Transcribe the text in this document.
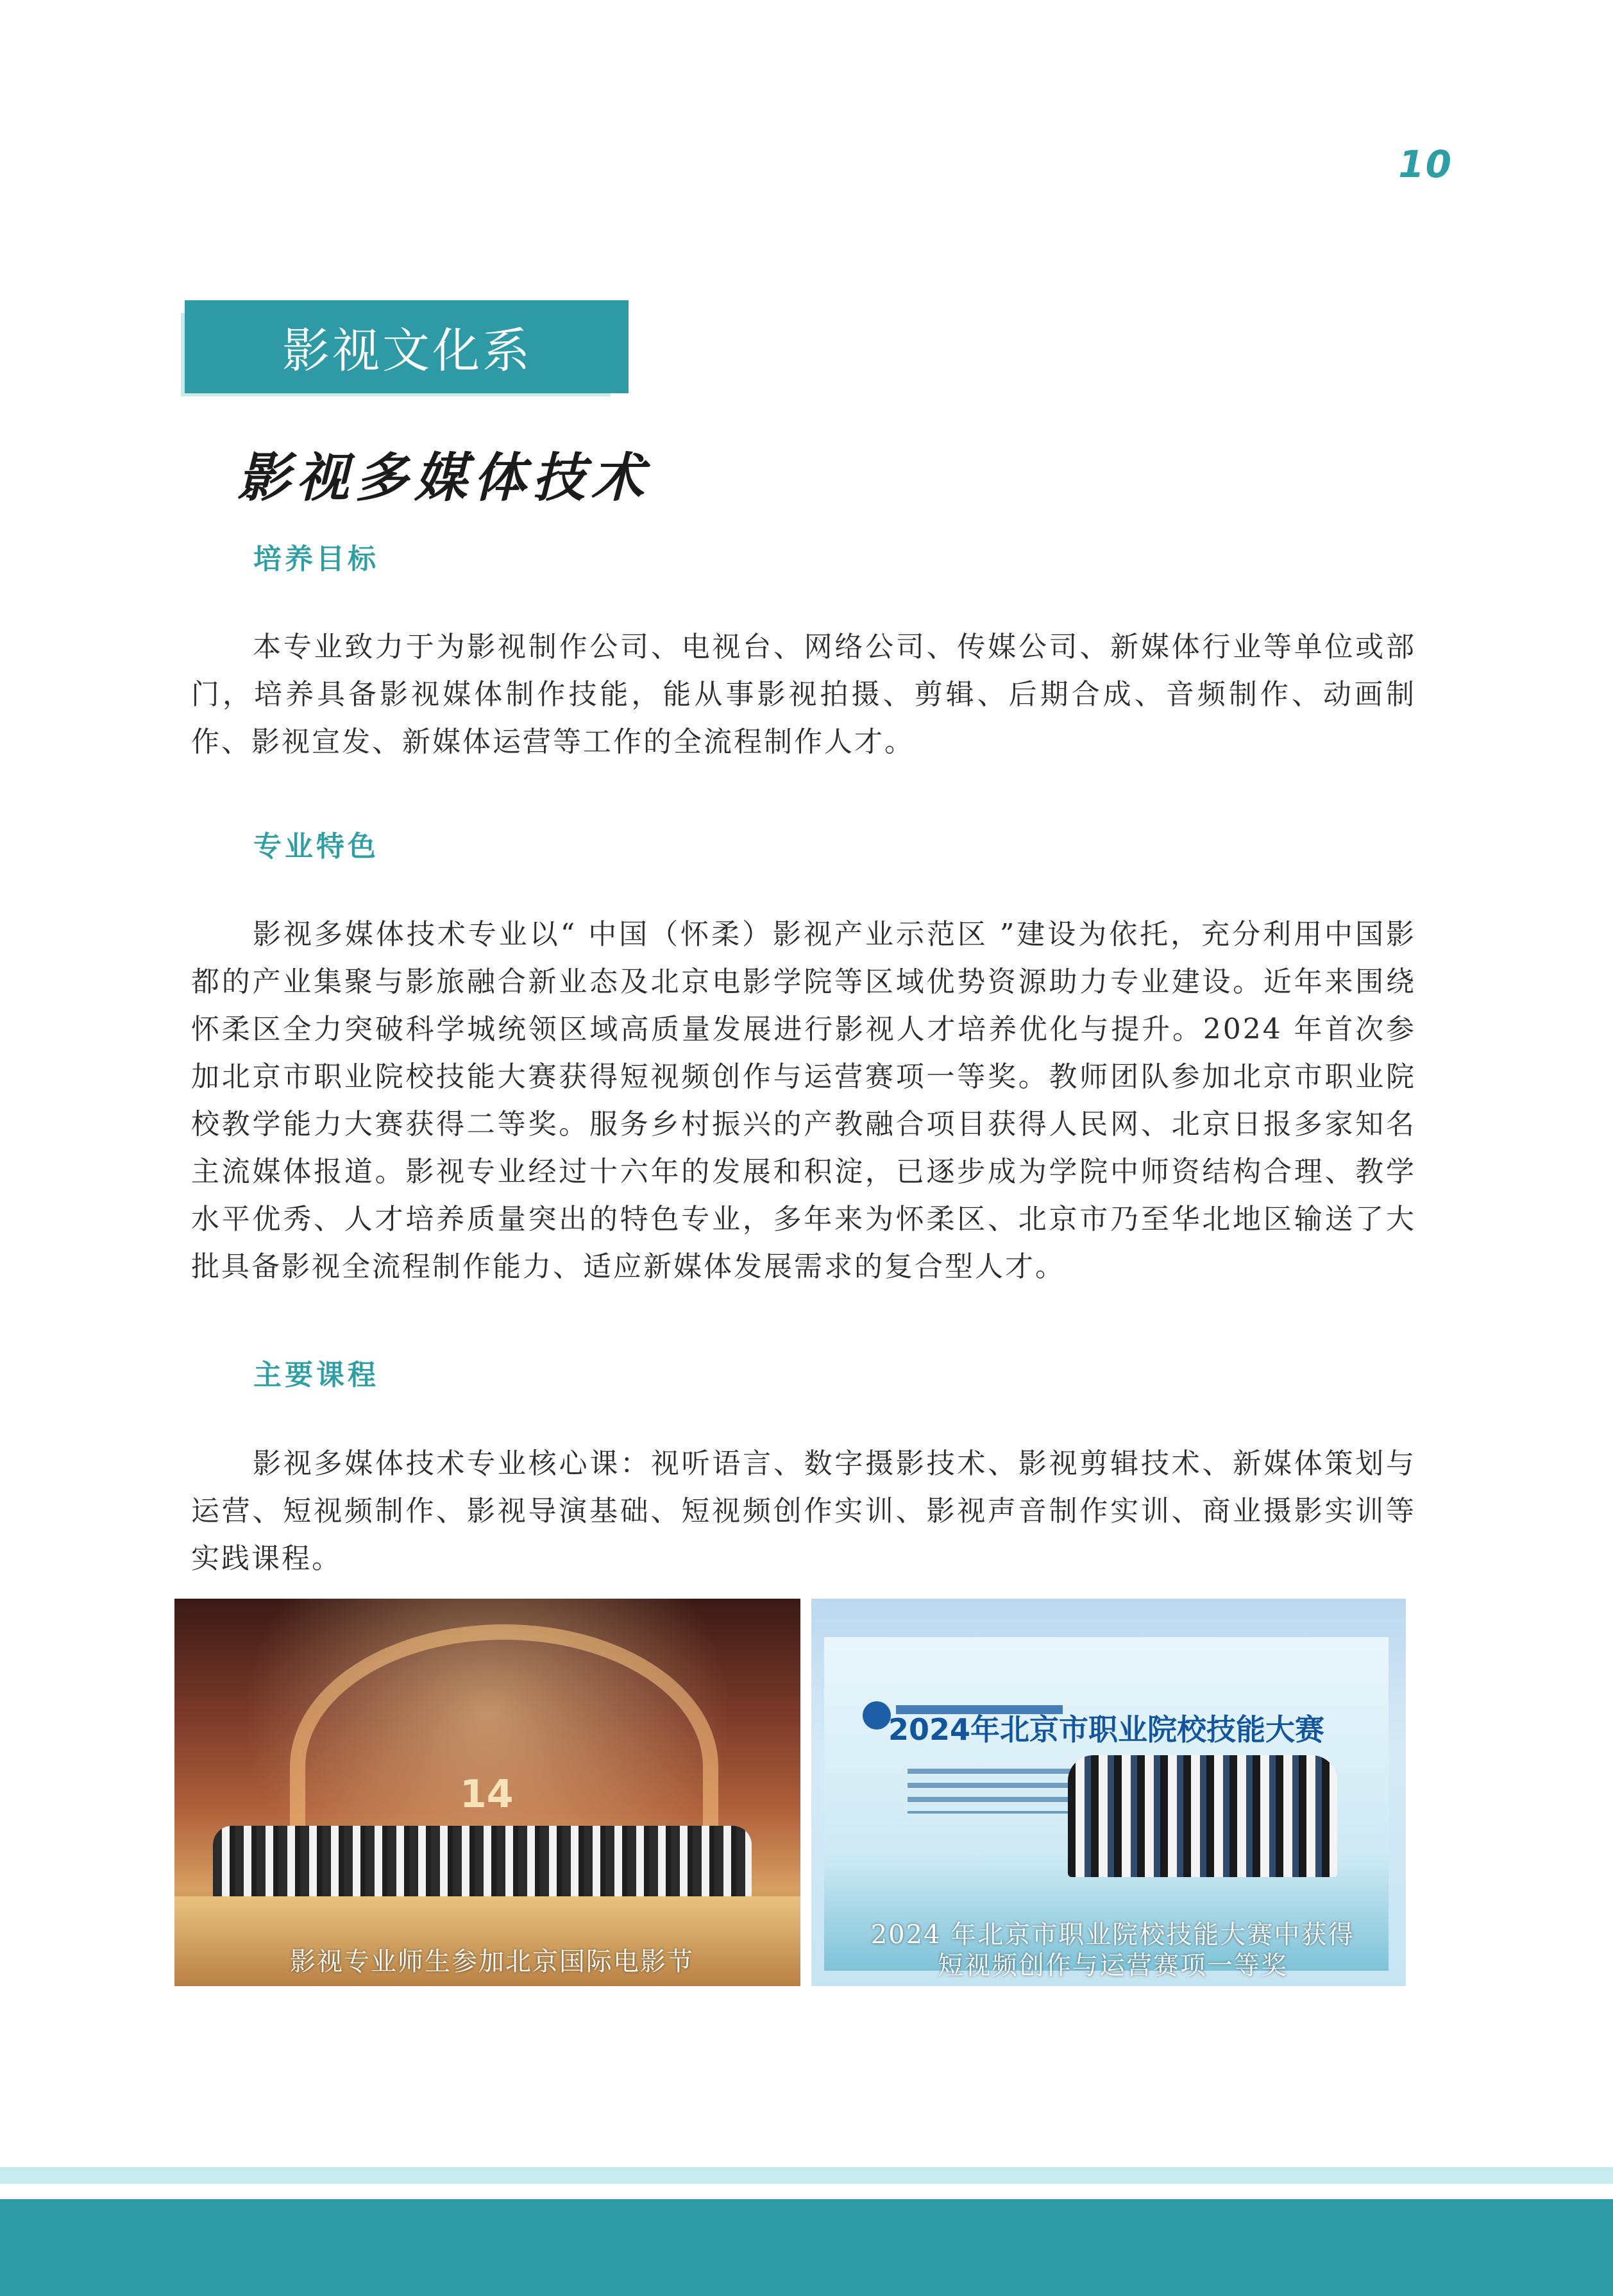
10
影视文化系
影视多媒体技术
培养目标

本专业致力于为影视制作公司、电视台、网络公司、传媒公司、新媒体行业等单位或部门，培养具备影视媒体制作技能，能从事影视拍摄、剪辑、后期合成、音频制作、动画制作、影视宣发、新媒体运营等工作的全流程制作人才。

专业特色

影视多媒体技术专业以“ 中国（怀柔）影视产业示范区 ”建设为依托，充分利用中国影都的产业集聚与影旅融合新业态及北京电影学院等区域优势资源助力专业建设。近年来围绕怀柔区全力突破科学城统领区域高质量发展进行影视人才培养优化与提升。2024 年首次参加北京市职业院校技能大赛获得短视频创作与运营赛项一等奖。教师团队参加北京市职业院校教学能力大赛获得二等奖。服务乡村振兴的产教融合项目获得人民网、北京日报多家知名主流媒体报道。影视专业经过十六年的发展和积淀，已逐步成为学院中师资结构合理、教学水平优秀、人才培养质量突出的特色专业，多年来为怀柔区、北京市乃至华北地区输送了大批具备影视全流程制作能力、适应新媒体发展需求的复合型人才。

主要课程

影视多媒体技术专业核心课：视听语言、数字摄影技术、影视剪辑技术、新媒体策划与运营、短视频制作、影视导演基础、短视频创作实训、影视声音制作实训、商业摄影实训等实践课程。

14
影视专业师生参加北京国际电影节
2024年北京市职业院校技能大赛
2024 年北京市职业院校技能大赛中获得短视频创作与运营赛项一等奖
